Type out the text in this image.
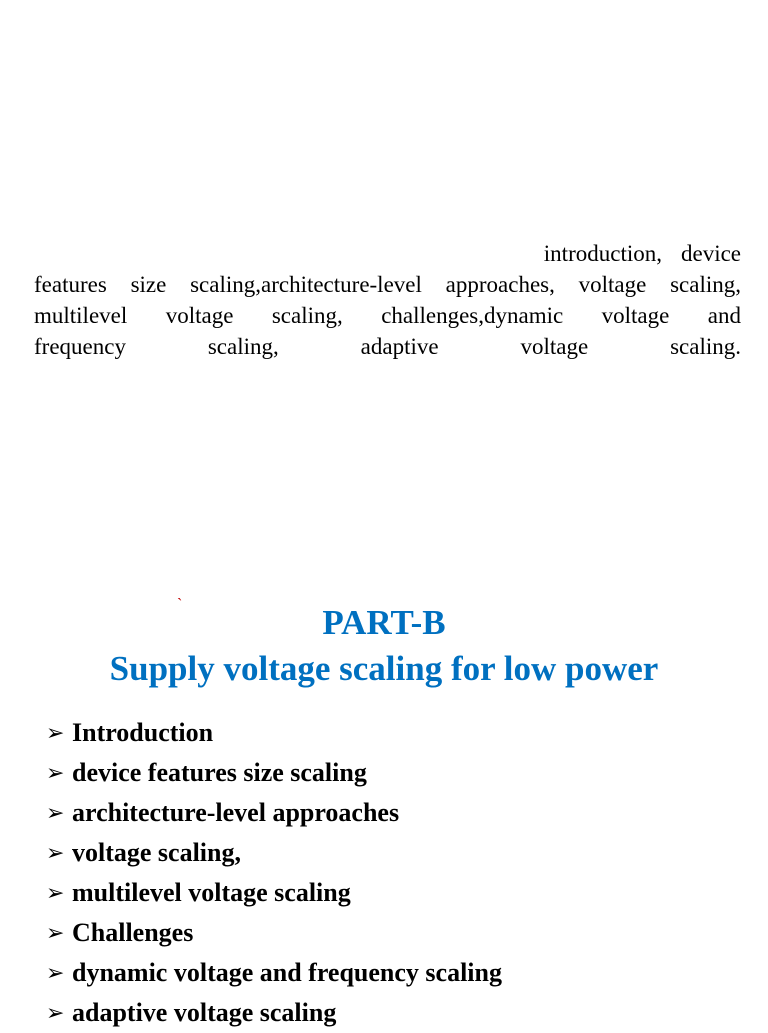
introduction, device
features size scaling,architecture-level approaches, voltage scaling,
multilevel voltage scaling, challenges,dynamic voltage and
frequency	scaling,	adaptive	voltage	scaling.
`	PART-B
Supply voltage scaling for low power
➢ Introduction
➢ device features size scaling
➢ architecture-level approaches
➢ voltage scaling,
➢ multilevel voltage scaling
➢ Challenges
➢ dynamic voltage and frequency scaling
➢ adaptive voltage scaling
